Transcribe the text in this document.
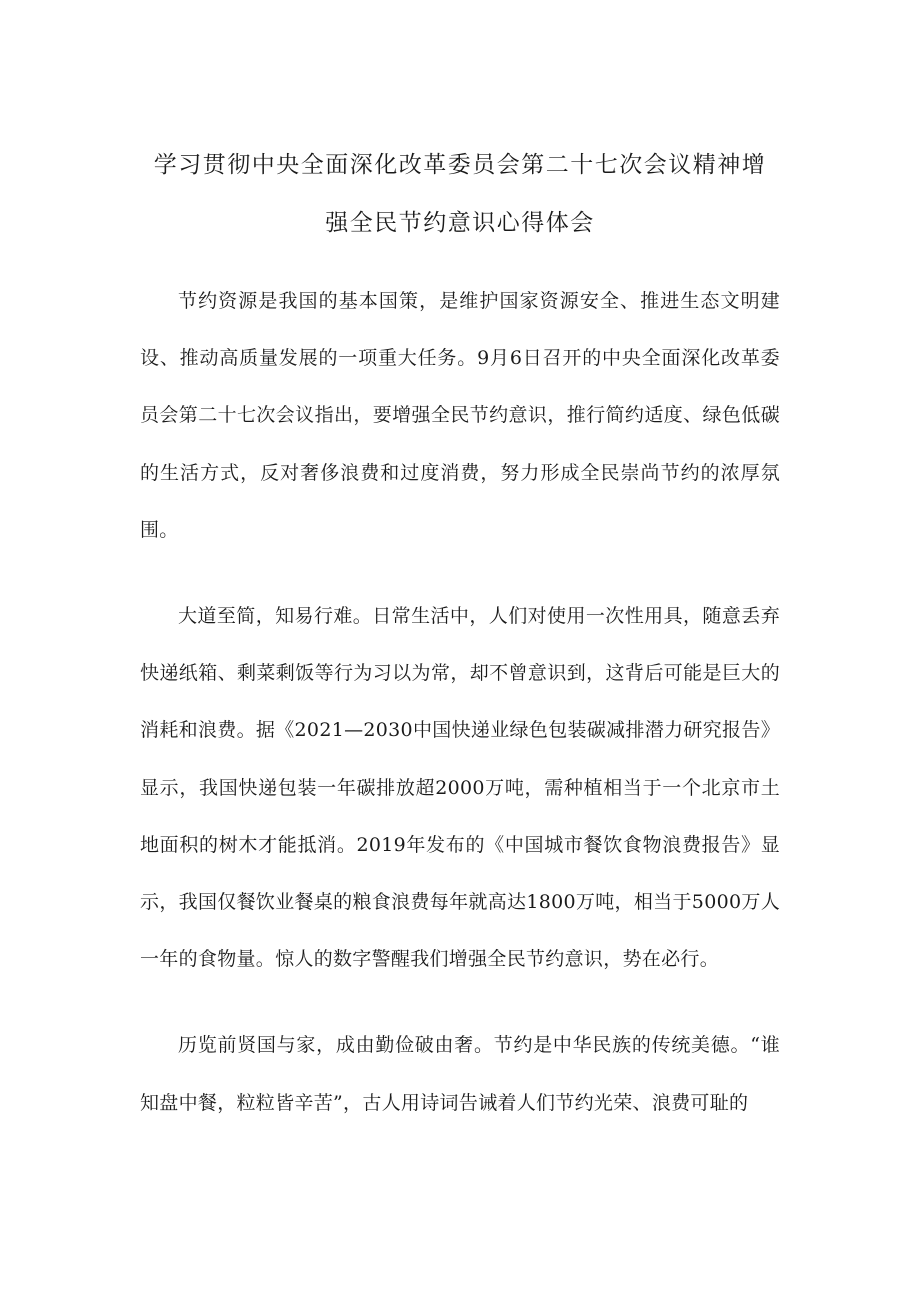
学习贯彻中央全面深化改革委员会第二十七次会议精神增
强全民节约意识心得体会

节约资源是我国的基本国策，是维护国家资源安全、推进生态文明建设、推动高质量发展的一项重大任务。9月6日召开的中央全面深化改革委员会第二十七次会议指出，要增强全民节约意识，推行简约适度、绿色低碳的生活方式，反对奢侈浪费和过度消费，努力形成全民崇尚节约的浓厚氛围。

大道至简，知易行难。日常生活中，人们对使用一次性用具，随意丢弃快递纸箱、剩菜剩饭等行为习以为常，却不曾意识到，这背后可能是巨大的消耗和浪费。据《2021—2030中国快递业绿色包装碳减排潜力研究报告》显示，我国快递包装一年碳排放超2000万吨，需种植相当于一个北京市土地面积的树木才能抵消。2019年发布的《中国城市餐饮食物浪费报告》显示，我国仅餐饮业餐桌的粮食浪费每年就高达1800万吨，相当于5000万人一年的食物量。惊人的数字警醒我们增强全民节约意识，势在必行。

历览前贤国与家，成由勤俭破由奢。节约是中华民族的传统美德。“谁知盘中餐，粒粒皆辛苦”，古人用诗词告诫着人们节约光荣、浪费可耻的
